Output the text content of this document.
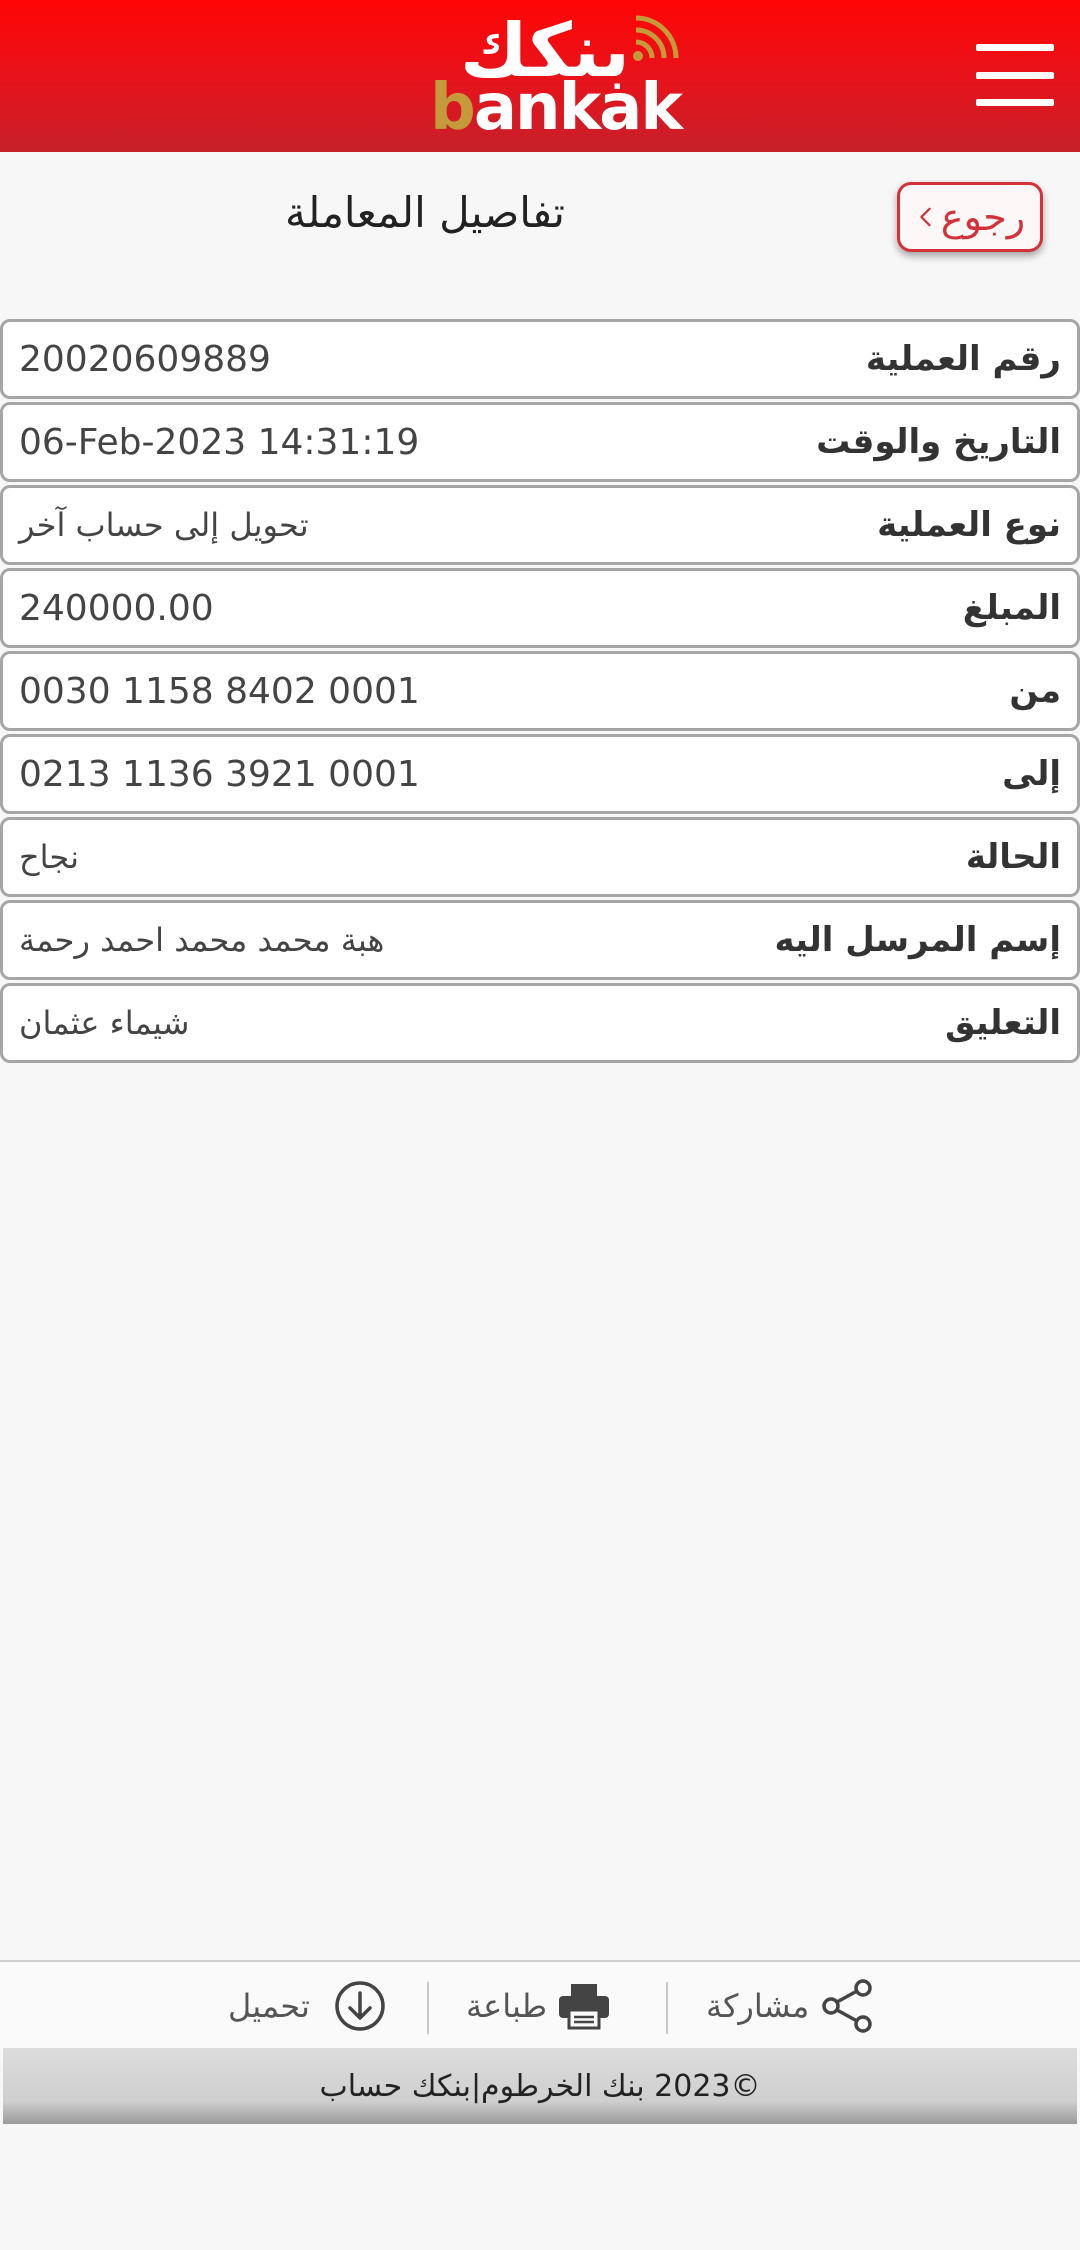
بنكك
bankak
تفاصيل المعاملة	رجوع
20020609889	رقم العملية
06-Feb-2023 14:31:19	التاريخ والوقت
تحويل إلى حساب آخر	نوع العملية
240000.00	المبلغ
0030 1158 8402 0001	من
0213 1136 3921 0001	إلى
نجاح	الحالة
هبة محمد محمد احمد رحمة	إسم المرسل اليه
شيماء عثمان	التعليق
تحميل	طباعة	مشاركة
©2023 بنك الخرطوم|بنكك حساب
